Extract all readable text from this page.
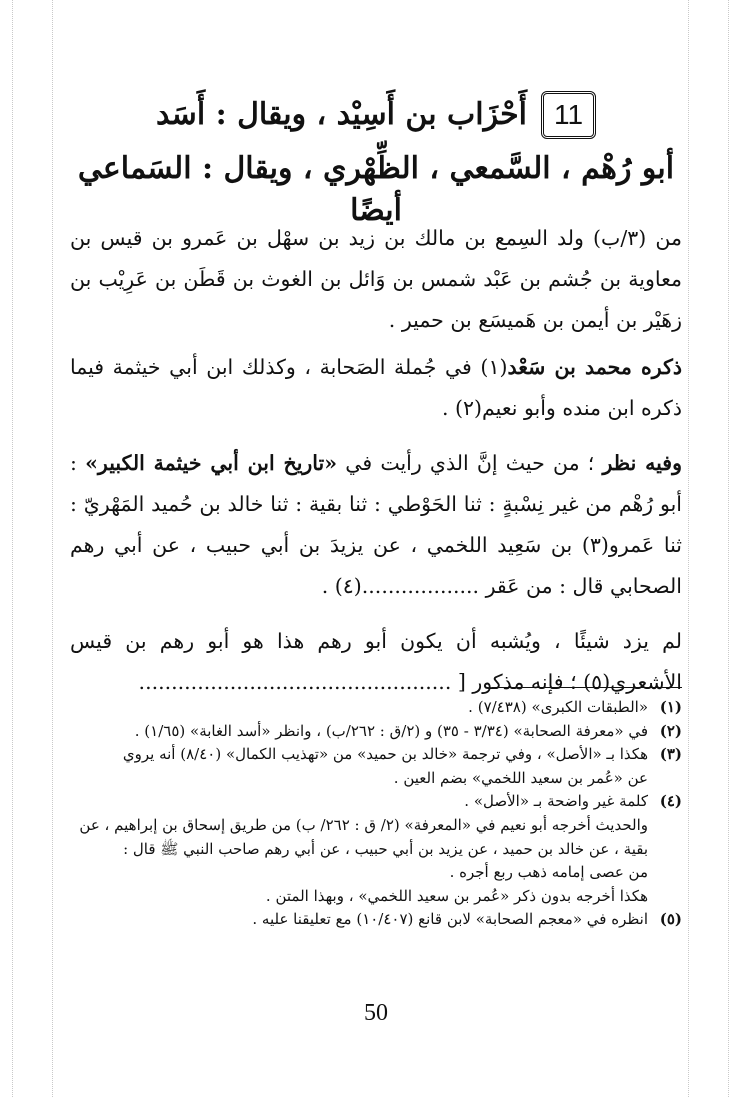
11
أَحْزَاب بن أَسِيْد ، ويقال : أَسَد
أبو رُهْم ، السَّمعي ، الظِّهْري ، ويقال : السَماعي أيضًا

من (٣/ب) ولد السِمع بن مالك بن زيد بن سهْل بن عَمرو بن قيس بن معاوية بن جُشم بن عَبْد شمس بن وَائل بن الغوث بن قَطَن بن عَرِيْب بن زهَيْر بن أيمن بن هَميسَع بن حمير .

ذكره محمد بن سَعْد(١) في جُملة الصَحابة ، وكذلك ابن أبي خيثمة فيما ذكره ابن منده وأبو نعيم(٢) .

وفيه نظر ؛ من حيث إنَّ الذي رأيت في «تاريخ ابن أبي خيثمة الكبير» : أبو رُهْم من غير نِسْبةٍ : ثنا الحَوْطي : ثنا بقية : ثنا خالد بن حُميد المَهْريّ : ثنا عَمرو(٣) بن سَعِيد اللخمي ، عن يزيدَ بن أبي حبيب ، عن أبي رهم الصحابي قال : من عَقر ..................(٤) .

لم يزد شيئًا ، ويُشبه أن يكون أبو رهم هذا هو أبو رهم بن قيس الأشعري(٥) ؛ فإنه مذكور [ ................................................

(١)
«الطبقات الكبرى» (٧/٤٣٨) .
(٢)
في «معرفة الصحابة» (٣/٣٤ - ٣٥) و (٢/ق : ٢٦٢/ب) ، وانظر «أسد الغابة» (١/٦٥) .
(٣)
هكذا بـ «الأصل» ، وفي ترجمة «خالد بن حميد» من «تهذيب الكمال» (٨/٤٠) أنه يروي
عن «عُمر بن سعيد اللخمي» بضم العين .
(٤)
كلمة غير واضحة بـ «الأصل» .
والحديث أخرجه أبو نعيم في «المعرفة» (٢/ ق : ٢٦٢/ ب) من طريق إسحاق بن إبراهيم ، عن
بقية ، عن خالد بن حميد ، عن يزيد بن أبي حبيب ، عن أبي رهم صاحب النبي ﷺ قال :
من عصى إمامه ذهب ربع أجره .
هكذا أخرجه بدون ذكر «عُمر بن سعيد اللخمي» ، وبهذا المتن .
(٥)
انظره في «معجم الصحابة» لابن قانع (١٠/٤٠٧) مع تعليقنا عليه .
50
